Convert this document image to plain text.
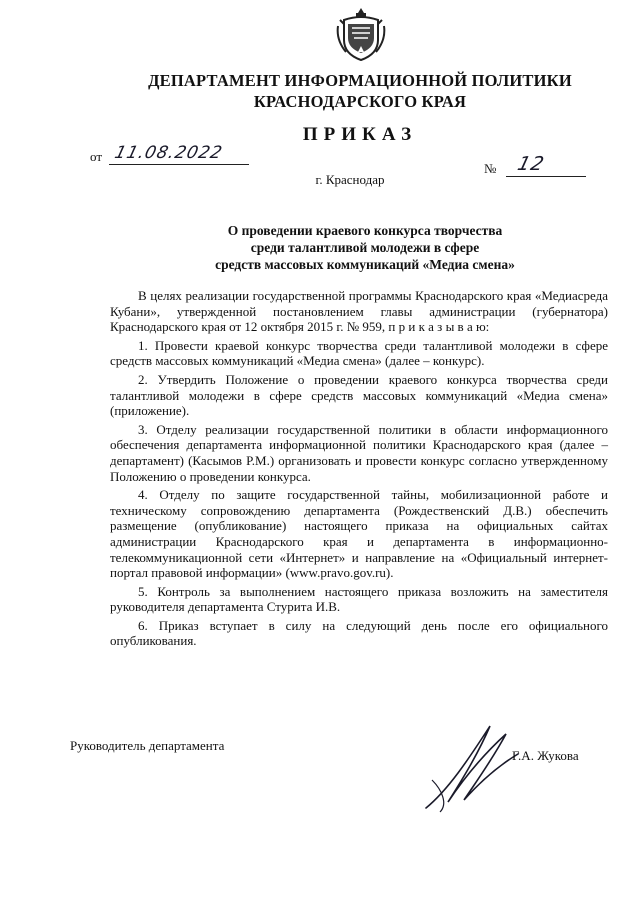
ДЕПАРТАМЕНТ ИНФОРМАЦИОННОЙ ПОЛИТИКИ
КРАСНОДАРСКОГО КРАЯ
ПРИКАЗ
от 11.08.2022
№ 12
г. Краснодар
О проведении краевого конкурса творчества
среди талантливой молодежи в сфере
средств массовых коммуникаций «Медиа смена»

В целях реализации государственной программы Краснодарского края «Медиасреда Кубани», утвержденной постановлением главы администрации (губернатора) Краснодарского края от 12 октября 2015 г. № 959, п р и к а з ы в а ю:

1. Провести краевой конкурс творчества среди талантливой молодежи в сфере средств массовых коммуникаций «Медиа смена» (далее – конкурс).

2. Утвердить Положение о проведении краевого конкурса творчества среди талантливой молодежи в сфере средств массовых коммуникаций «Медиа смена» (приложение).

3. Отделу реализации государственной политики в области информационного обеспечения департамента информационной политики Краснодарского края (далее – департамент) (Касымов Р.М.) организовать и провести конкурс согласно утвержденному Положению о проведении конкурса.

4. Отделу по защите государственной тайны, мобилизационной работе и техническому сопровождению департамента (Рождественский Д.В.) обеспечить размещение (опубликование) настоящего приказа на официальных сайтах администрации Краснодарского края и департамента в информационно-телекоммуникационной сети «Интернет» и направление на «Официальный интернет-портал правовой информации» (www.pravo.gov.ru).

5. Контроль за выполнением настоящего приказа возложить на заместителя руководителя департамента Стурита И.В.

6. Приказ вступает в силу на следующий день после его официального опубликования.

Руководитель департамента
Г.А. Жукова
